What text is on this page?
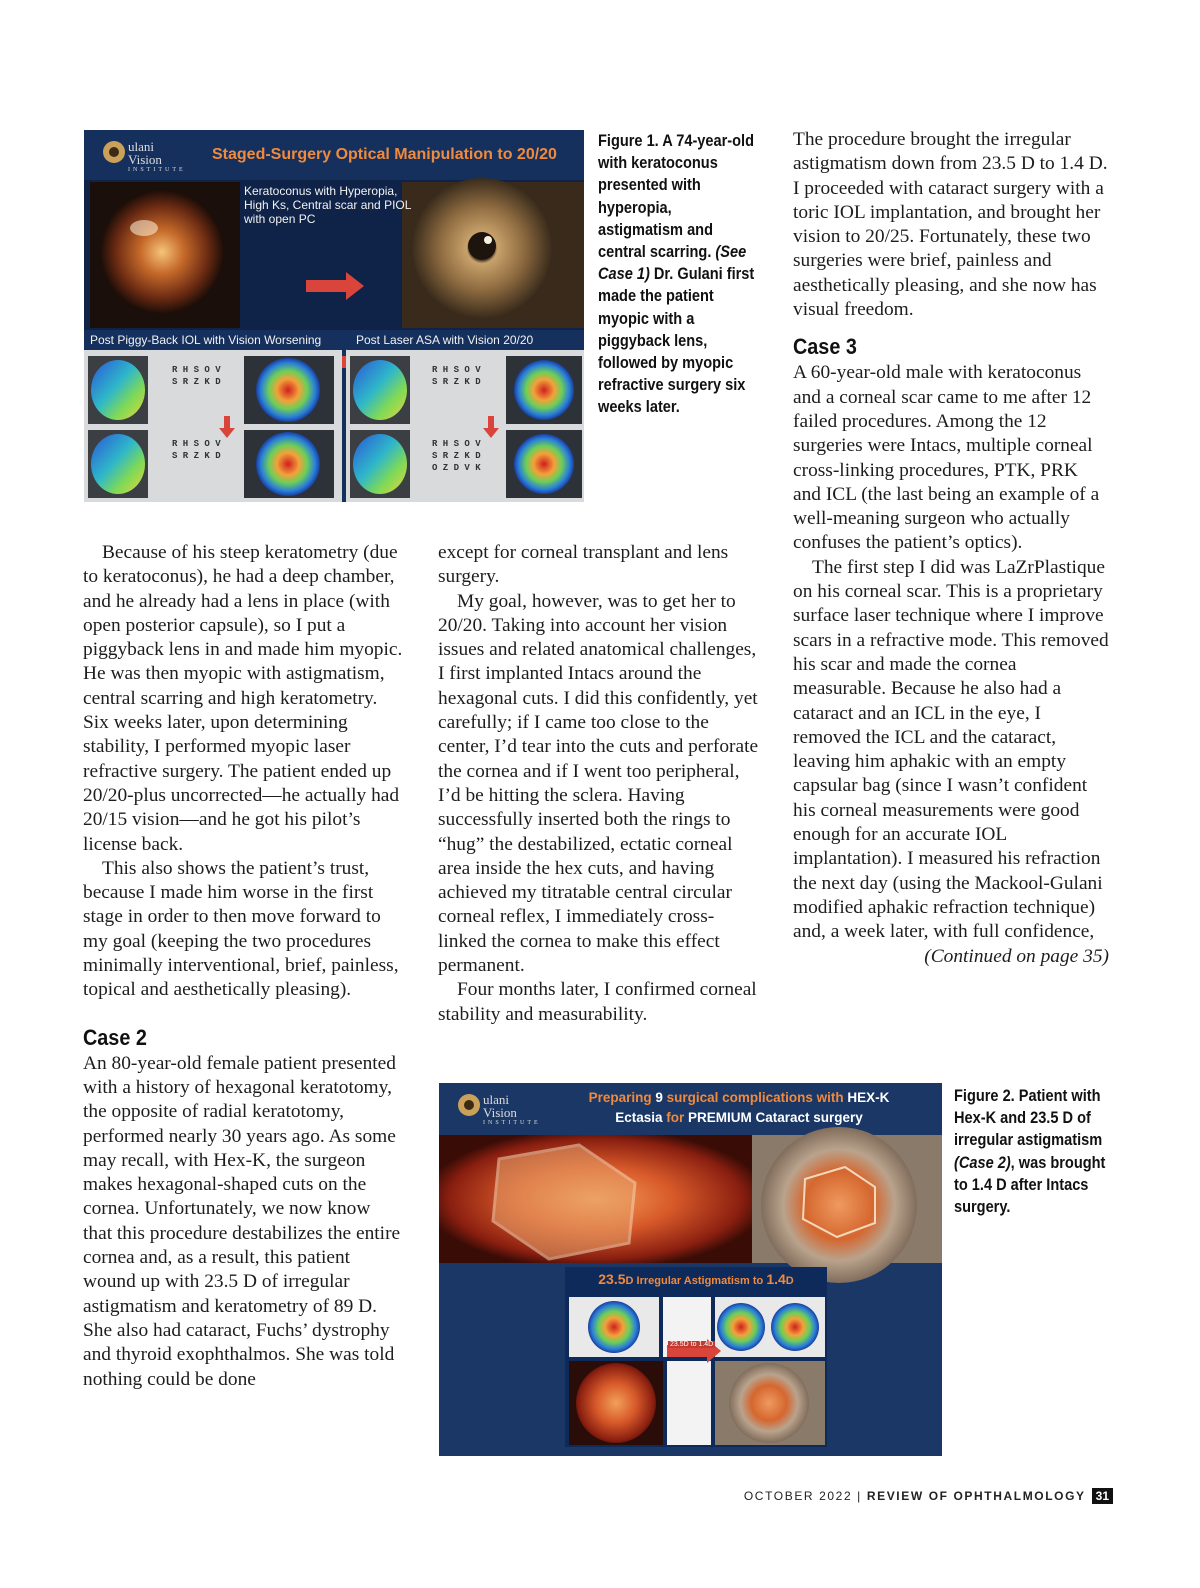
ulani
Vision
INSTITUTE
Staged-Surgery Optical Manipulation to 20/20
Keratoconus with Hyperopia, High Ks, Central scar and PIOL with open PC
Post Piggy-Back IOL with Vision Worsening	Post Laser ASA with Vision 20/20
R H S O V
S R Z K D
R H S O V
S R Z K D
R H S O V
S R Z K D
R H S O V
S R Z K D
O Z D V K
Figure 1. A 74-year-old with keratoconus presented with hyperopia, astigmatism and central scarring. (See Case 1) Dr. Gulani first made the patient myopic with a piggyback lens, followed by myopic refractive surgery six weeks later.

The procedure brought the irregular astigmatism down from 23.5 D to 1.4 D. I proceeded with cataract surgery with a toric IOL implantation, and brought her vision to 20/25. Fortunately, these two surgeries were brief, painless and aesthetically pleasing, and she now has visual freedom.

Case 3

A 60-year-old male with keratoconus and a corneal scar came to me after 12 failed procedures. Among the 12 surgeries were Intacs, multiple corneal cross-linking procedures, PTK, PRK and ICL (the last being an example of a well-meaning surgeon who actually confuses the patient’s optics).

The first step I did was LaZrPlastique on his corneal scar. This is a proprietary surface laser technique where I improve scars in a refractive mode. This removed his scar and made the cornea measurable. Because he also had a cataract and an ICL in the eye, I removed the ICL and the cataract, leaving him aphakic with an empty capsular bag (since I wasn’t confident his corneal measurements were good enough for an accurate IOL implantation). I measured his refraction the next day (using the Mackool-Gulani modified aphakic refraction technique) and, a week later, with full confidence,

(Continued on page 35)

Because of his steep keratometry (due to keratoconus), he had a deep chamber, and he already had a lens in place (with open posterior capsule), so I put a piggyback lens in and made him myopic. He was then myopic with astigmatism, central scarring and high keratometry. Six weeks later, upon determining stability, I performed myopic laser refractive surgery. The patient ended up 20/20-plus uncorrected—he actually had 20/15 vision—and he got his pilot’s license back.

This also shows the patient’s trust, because I made him worse in the first stage in order to then move forward to my goal (keeping the two procedures minimally interventional, brief, painless, topical and aesthetically pleasing).

Case 2

An 80-year-old female patient presented with a history of hexagonal keratotomy, the opposite of radial keratotomy, performed nearly 30 years ago. As some may recall, with Hex-K, the surgeon makes hexagonal-shaped cuts on the cornea. Unfortunately, we now know that this procedure destabilizes the entire cornea and, as a result, this patient wound up with 23.5 D of irregular astigmatism and keratometry of 89 D. She also had cataract, Fuchs’ dystrophy and thyroid exophthalmos. She was told nothing could be done

except for corneal transplant and lens surgery.

My goal, however, was to get her to 20/20. Taking into account her vision issues and related anatomical challenges, I first implanted Intacs around the hexagonal cuts. I did this confidently, yet carefully; if I came too close to the center, I’d tear into the cuts and perforate the cornea and if I went too peripheral, I’d be hitting the sclera. Having successfully inserted both the rings to “hug” the destabilized, ectatic corneal area inside the hex cuts, and having achieved my titratable central circular corneal reflex, I immediately cross-linked the cornea to make this effect permanent.

Four months later, I confirmed corneal stability and measurability.

ulani
Vision
INSTITUTE
Preparing 9 surgical complications with HEX-K
Ectasia for PREMIUM Cataract surgery
23.5D Irregular Astigmatism to 1.4D
23.5D to 1.4D
Figure 2. Patient with Hex-K and 23.5 D of irregular astigmatism (Case 2), was brought to 1.4 D after Intacs surgery.
OCTOBER 2022 | REVIEW OF OPHTHALMOLOGY 31
